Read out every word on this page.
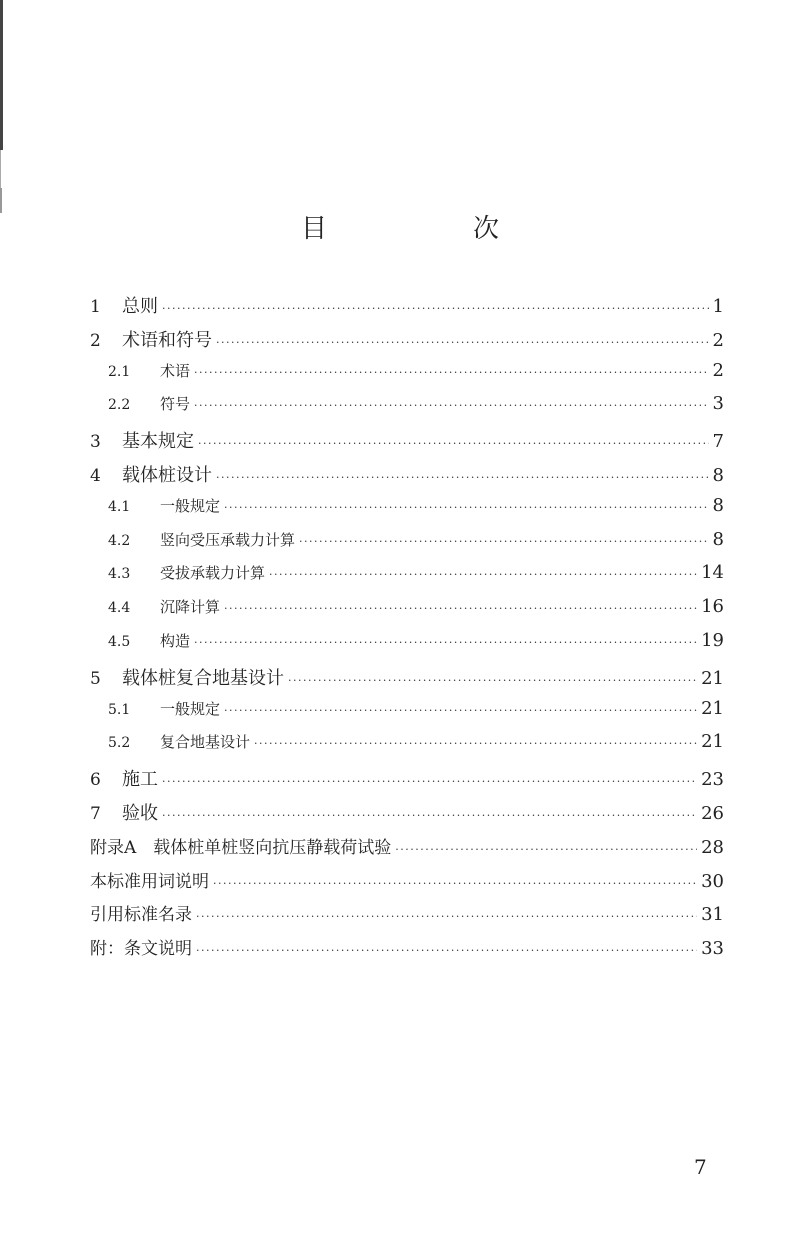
目　次
1	总则 ·····	1
2	术语和符号 ·····	2
2.1	术语 ·····	2
2.2	符号 ·····	3
3	基本规定 ·····	7
4	载体桩设计 ·····	8
4.1	一般规定 ·····	8
4.2	竖向受压承载力计算 ·····	8
4.3	受拔承载力计算 ·····	14
4.4	沉降计算 ·····	16
4.5	构造 ·····	19
5	载体桩复合地基设计 ·····	21
5.1	一般规定 ·····	21
5.2	复合地基设计 ·····	21
6	施工 ·····	23
7	验收 ·····	26
附录A　载体桩单桩竖向抗压静载荷试验 ·····	28
本标准用词说明 ·····	30
引用标准名录 ·····	31
附：条文说明 ·····	33
7
